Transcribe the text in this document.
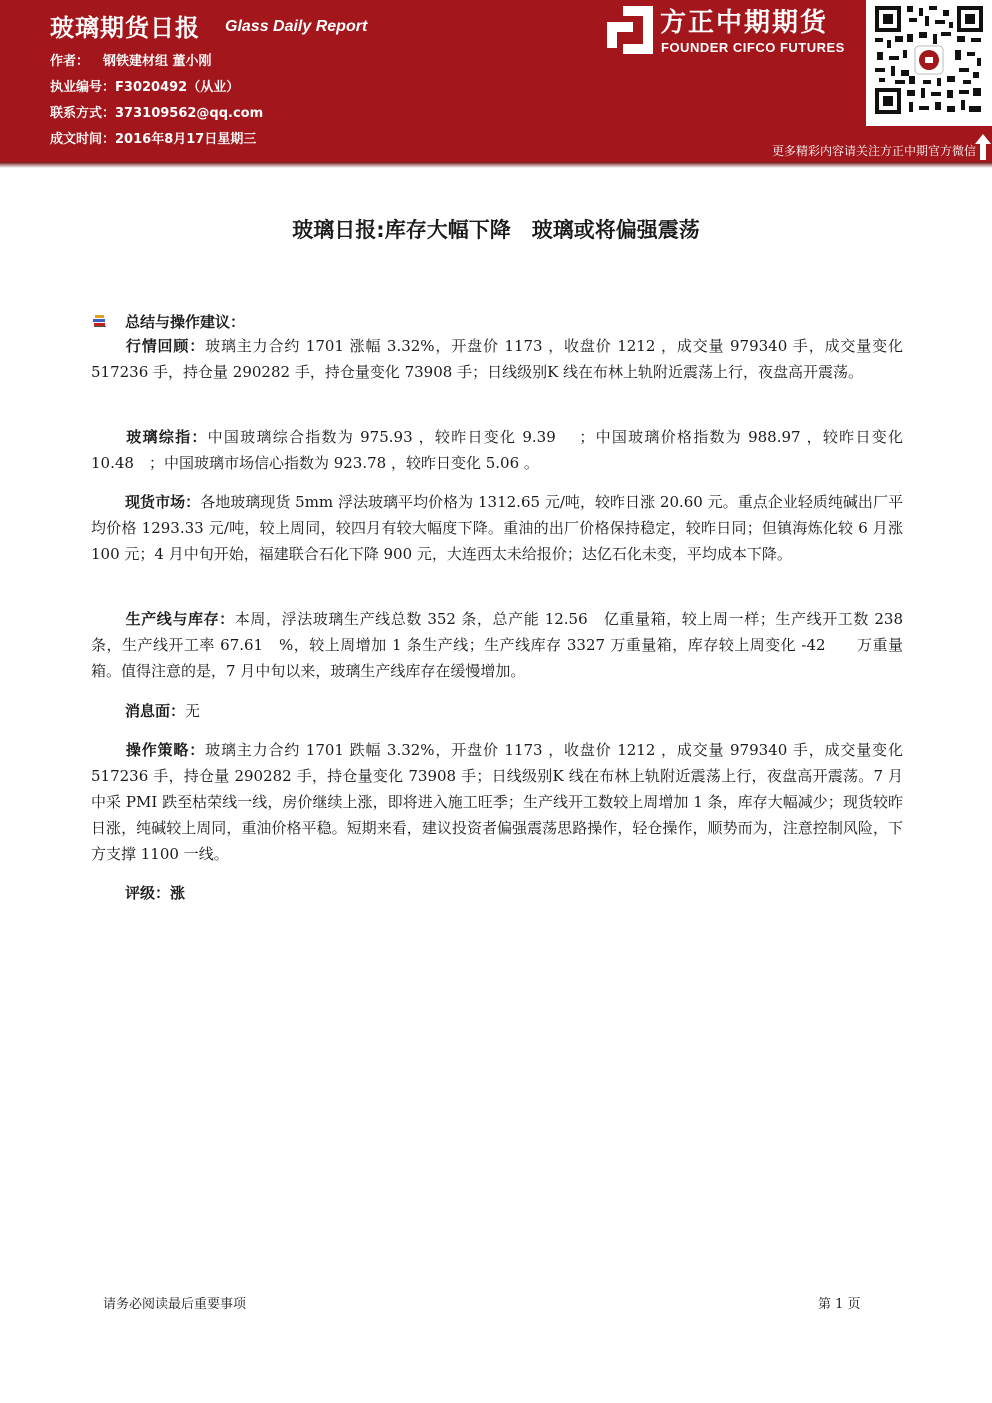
玻璃期货日报 Glass Daily Report
作者： 钢铁建材组 董小刚
执业编号：F3020492（从业）
联系方式：373109562@qq.com
成文时间：2016年8月17日星期三
方正中期期货
FOUNDER CIFCO FUTURES
更多精彩内容请关注方正中期官方微信
玻璃日报:库存大幅下降　玻璃或将偏强震荡
总结与操作建议：
行情回顾：玻璃主力合约 1701 涨幅 3.32%，开盘价 1173 ，收盘价 1212 ，成交量 979340 手，成交量变化 517236 手，持仓量 290282 手，持仓量变化 73908 手；日线级别K 线在布林上轨附近震荡上行，夜盘高开震荡。
玻璃综指：中国玻璃综合指数为 975.93 ，较昨日变化 9.39　 ；中国玻璃价格指数为 988.97 ，较昨日变化 10.48　；中国玻璃市场信心指数为 923.78 ，较昨日变化 5.06 。
现货市场：各地玻璃现货 5mm 浮法玻璃平均价格为 1312.65 元/吨，较昨日涨 20.60 元。重点企业轻质纯碱出厂平均价格 1293.33 元/吨，较上周同，较四月有较大幅度下降。重油的出厂价格保持稳定，较昨日同；但镇海炼化较 6 月涨 100 元；4 月中旬开始，福建联合石化下降 900 元，大连西太未给报价；达亿石化未变，平均成本下降。
生产线与库存：本周，浮法玻璃生产线总数 352 条，总产能 12.56　亿重量箱，较上周一样；生产线开工数 238　条，生产线开工率 67.61　%，较上周增加 1 条生产线；生产线库存 3327 万重量箱，库存较上周变化 -42　　万重量箱。值得注意的是，7 月中旬以来，玻璃生产线库存在缓慢增加。
消息面：无
操作策略：玻璃主力合约 1701 跌幅 3.32%，开盘价 1173 ，收盘价 1212 ，成交量 979340 手，成交量变化 517236 手，持仓量 290282 手，持仓量变化 73908 手；日线级别K 线在布林上轨附近震荡上行，夜盘高开震荡。7 月中采 PMI 跌至枯荣线一线，房价继续上涨，即将进入施工旺季；生产线开工数较上周增加 1 条，库存大幅减少；现货较昨日涨，纯碱较上周同，重油价格平稳。短期来看，建议投资者偏强震荡思路操作，轻仓操作，顺势而为，注意控制风险，下方支撑 1100 一线。
评级：涨
请务必阅读最后重要事项	第 1 页
